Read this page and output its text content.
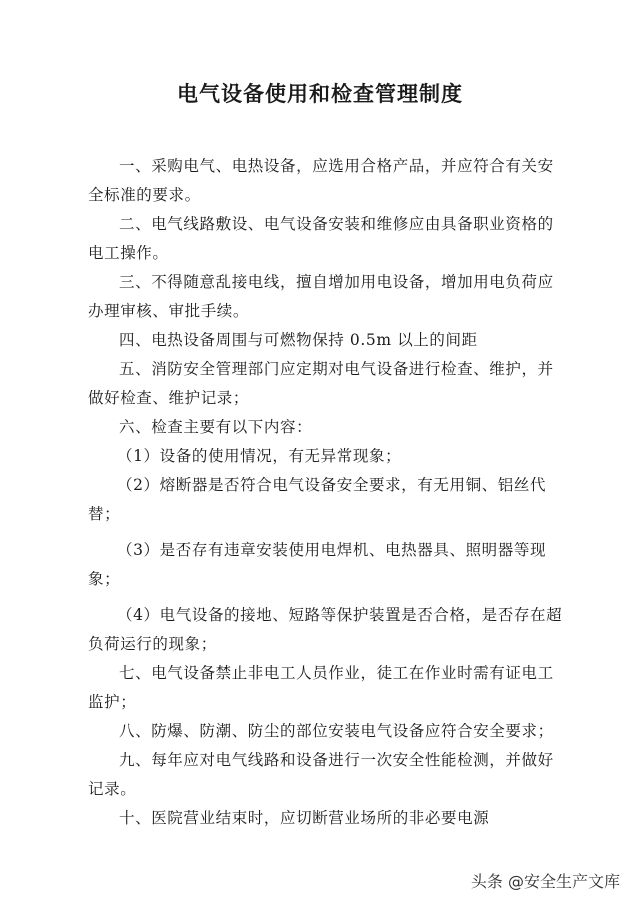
电气设备使用和检查管理制度

一、采购电气、电热设备，应选用合格产品，并应符合有关安全标准的要求。

二、电气线路敷设、电气设备安装和维修应由具备职业资格的电工操作。

三、不得随意乱接电线，擅自增加用电设备，增加用电负荷应办理审核、审批手续。

四、电热设备周围与可燃物保持 0.5m 以上的间距

五、消防安全管理部门应定期对电气设备进行检查、维护，并做好检查、维护记录；

六、检查主要有以下内容：

（1）设备的使用情况，有无异常现象；

（2）熔断器是否符合电气设备安全要求，有无用铜、铝丝代替；

（3）是否存有违章安装使用电焊机、电热器具、照明器等现象；

（4）电气设备的接地、短路等保护装置是否合格，是否存在超负荷运行的现象；

七、电气设备禁止非电工人员作业，徒工在作业时需有证电工监护；

八、防爆、防潮、防尘的部位安装电气设备应符合安全要求；

九、每年应对电气线路和设备进行一次安全性能检测，并做好记录。

十、医院营业结束时，应切断营业场所的非必要电源

头条 @安全生产文库
